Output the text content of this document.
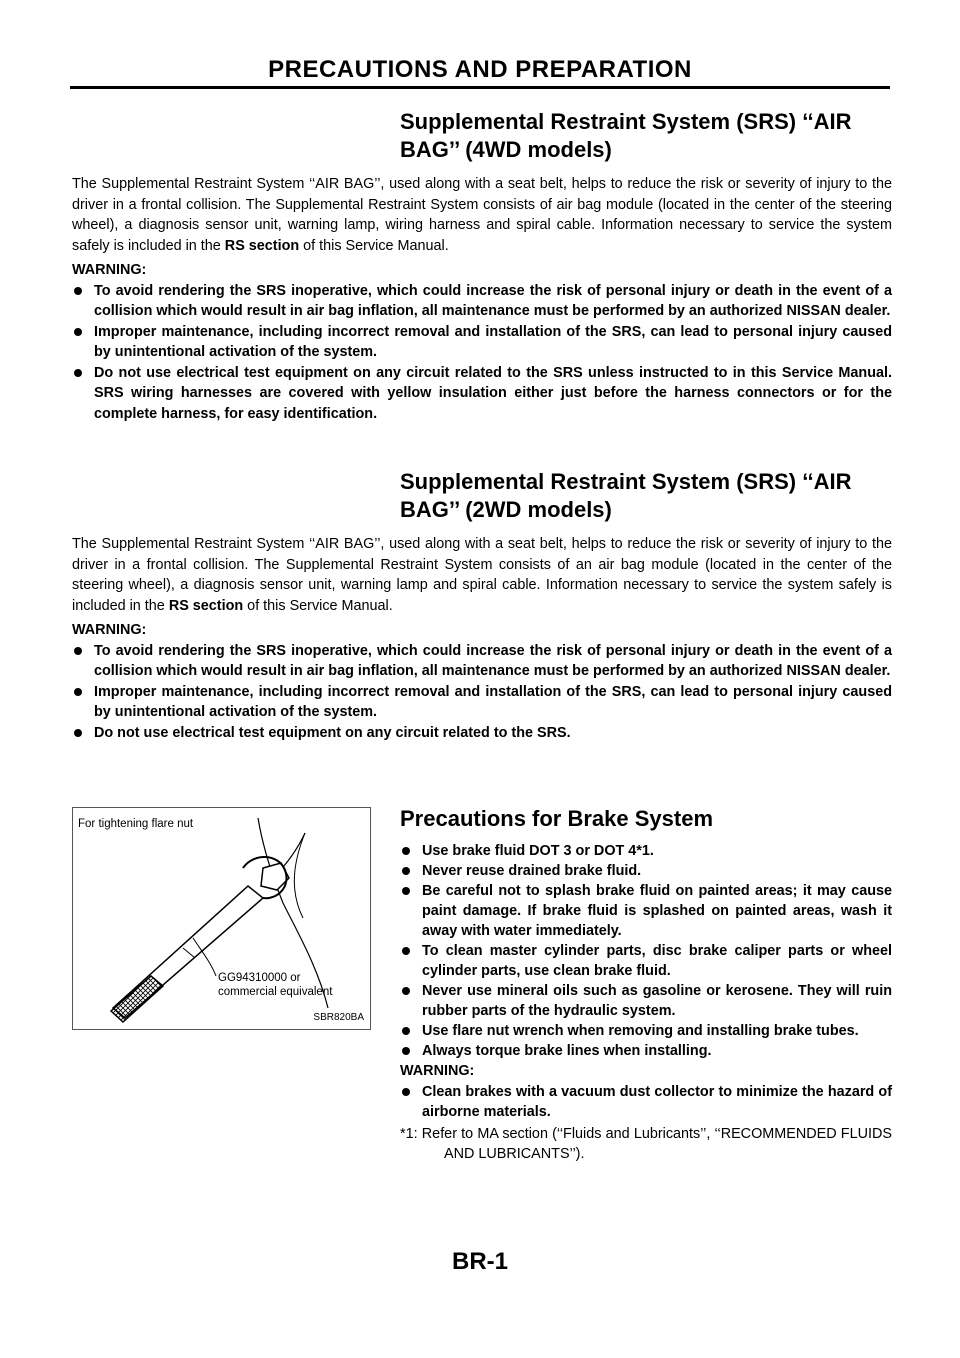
PRECAUTIONS AND PREPARATION
Supplemental Restraint System (SRS) ‘‘AIR BAG’’ (4WD models)

The Supplemental Restraint System ‘‘AIR BAG’’, used along with a seat belt, helps to reduce the risk or severity of injury to the driver in a frontal collision. The Supplemental Restraint System consists of air bag module (located in the center of the steering wheel), a diagnosis sensor unit, warning lamp, wiring harness and spiral cable. Information necessary to service the system safely is included in the RS section of this Service Manual.

WARNING:

To avoid rendering the SRS inoperative, which could increase the risk of personal injury or death in the event of a collision which would result in air bag inflation, all maintenance must be performed by an authorized NISSAN dealer.
Improper maintenance, including incorrect removal and installation of the SRS, can lead to personal injury caused by unintentional activation of the system.
Do not use electrical test equipment on any circuit related to the SRS unless instructed to in this Service Manual. SRS wiring harnesses are covered with yellow insulation either just before the harness connectors or for the complete harness, for easy identification.
Supplemental Restraint System (SRS) ‘‘AIR BAG’’ (2WD models)

The Supplemental Restraint System ‘‘AIR BAG’’, used along with a seat belt, helps to reduce the risk or severity of injury to the driver in a frontal collision. The Supplemental Restraint System consists of an air bag module (located in the center of the steering wheel), a diagnosis sensor unit, warning lamp and spiral cable. Information necessary to service the system safely is included in the RS section of this Service Manual.

WARNING:

To avoid rendering the SRS inoperative, which could increase the risk of personal injury or death in the event of a collision which would result in air bag inflation, all maintenance must be performed by an authorized NISSAN dealer.
Improper maintenance, including incorrect removal and installation of the SRS, can lead to personal injury caused by unintentional activation of the system.
Do not use electrical test equipment on any circuit related to the SRS.
For tightening flare nut
GG94310000 or
commercial equivalent
SBR820BA
Precautions for Brake System
Use brake fluid DOT 3 or DOT 4*1.
Never reuse drained brake fluid.
Be careful not to splash brake fluid on painted areas; it may cause paint damage. If brake fluid is splashed on painted areas, wash it away with water immediately.
To clean master cylinder parts, disc brake caliper parts or wheel cylinder parts, use clean brake fluid.
Never use mineral oils such as gasoline or kerosene. They will ruin rubber parts of the hydraulic system.
Use flare nut wrench when removing and installing brake tubes.
Always torque brake lines when installing.

WARNING:

Clean brakes with a vacuum dust collector to minimize the hazard of airborne materials.

*1: Refer to MA section (‘‘Fluids and Lubricants’’, ‘‘RECOMMENDED FLUIDS AND LUBRICANTS’’).

BR-1
